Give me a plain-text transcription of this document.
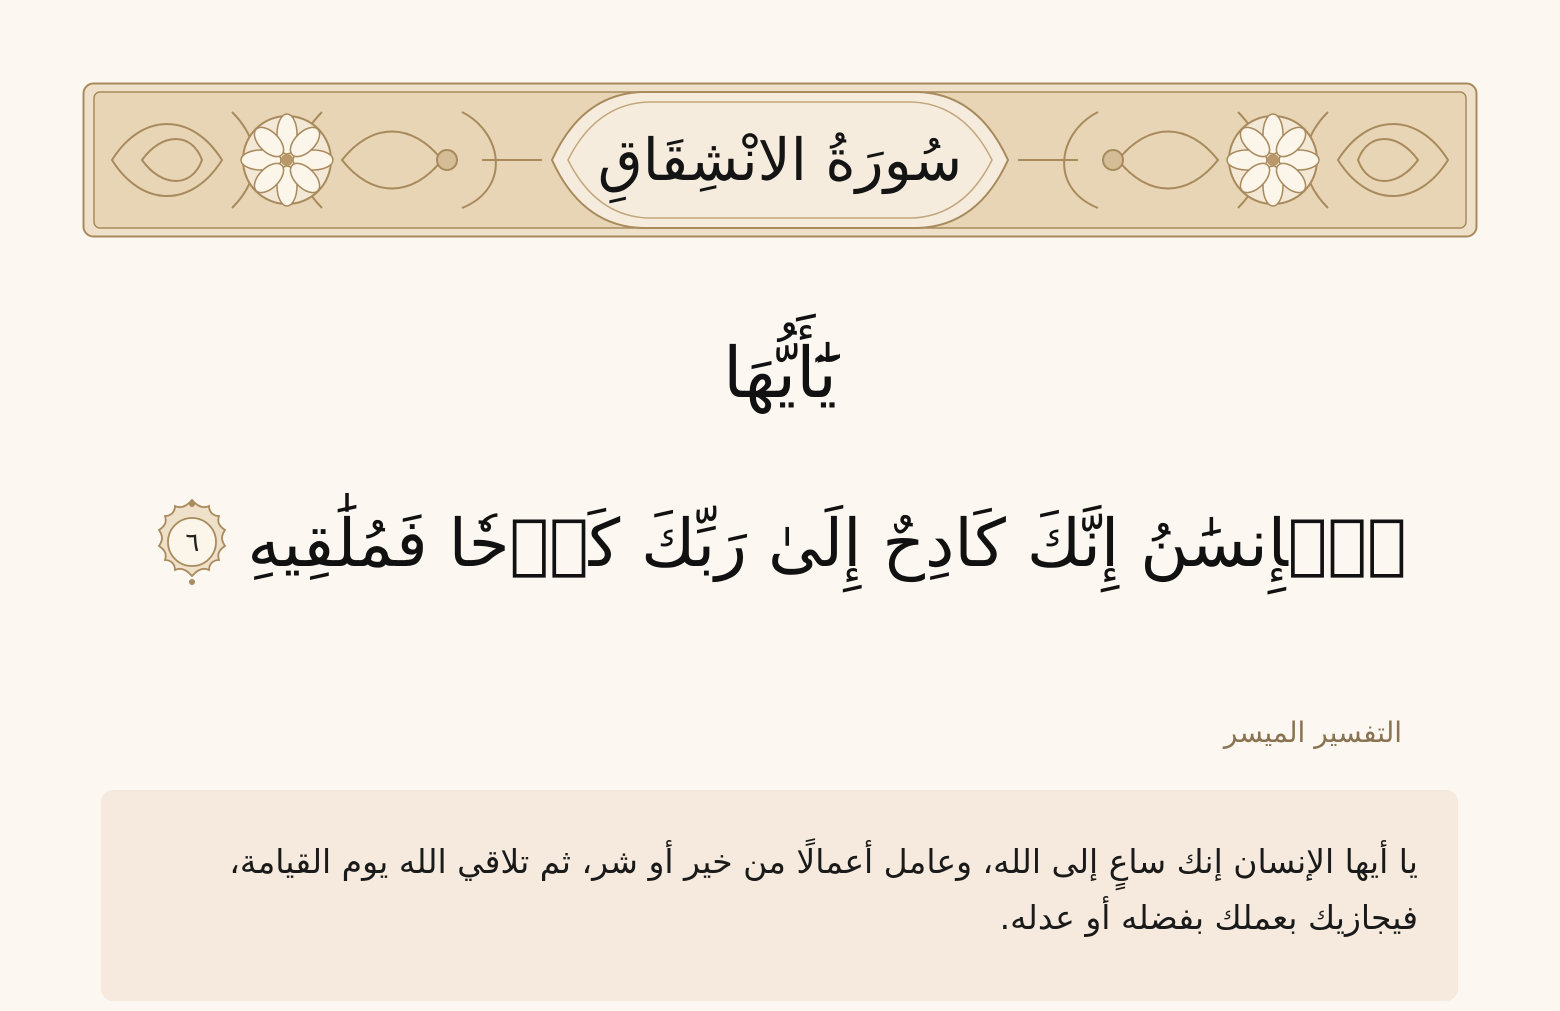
سُورَةُ الانْشِقَاقِ
يَٰٓأَيُّهَا
ٱلۡإِنسَٰنُ إِنَّكَ كَادِحٌ إِلَىٰ رَبِّكَ كَدۡحٗا فَمُلَٰقِيهِ
٦
التفسير الميسر
يا أيها الإنسان إنك ساعٍ إلى الله، وعامل أعمالًا من خير أو شر، ثم تلاقي الله يوم القيامة، فيجازيك بعملك بفضله أو عدله.
